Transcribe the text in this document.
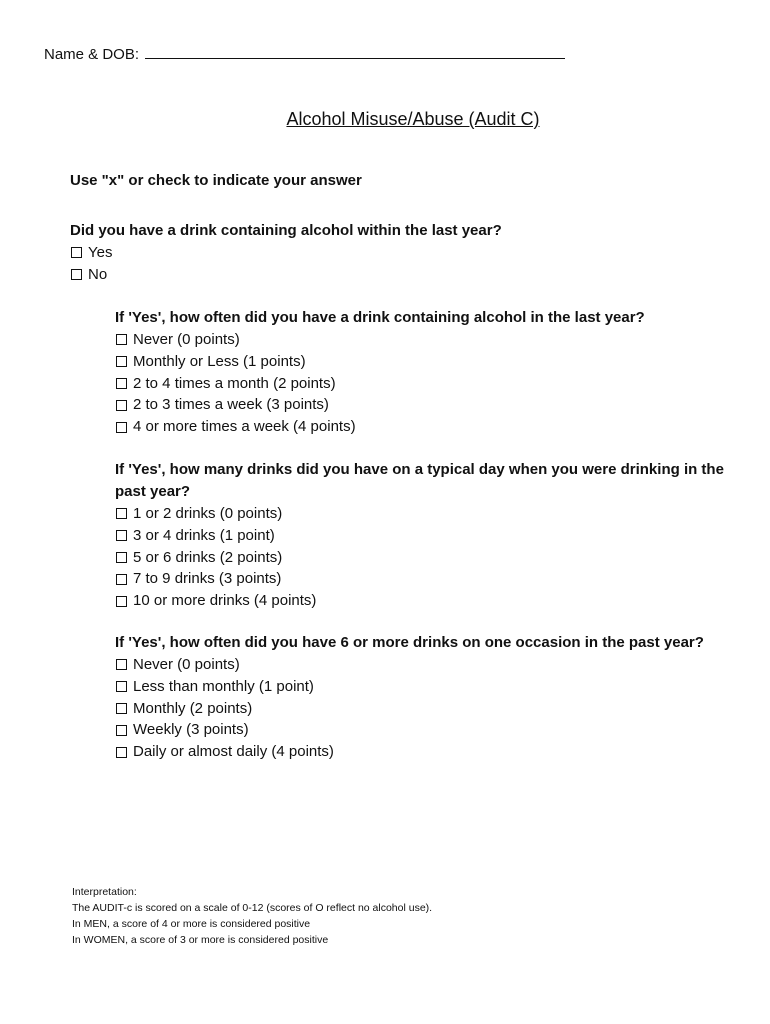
Name & DOB:
Alcohol Misuse/Abuse (Audit C)
Use "x" or check to indicate your answer

Did you have a drink containing alcohol within the last year?

Yes
No

If 'Yes', how often did you have a drink containing alcohol in the last year?

Never (0 points)
Monthly or Less (1 points)
2 to 4 times a month (2 points)
2 to 3 times a week (3 points)
4 or more times a week (4 points)

If 'Yes', how many drinks did you have on a typical day when you were drinking in the past year?

1 or 2 drinks (0 points)
3 or 4 drinks (1 point)
5 or 6 drinks (2 points)
7 to 9 drinks (3 points)
10 or more drinks (4 points)

If 'Yes', how often did you have 6 or more drinks on one occasion in the past year?

Never (0 points)
Less than monthly (1 point)
Monthly (2 points)
Weekly (3 points)
Daily or almost daily (4 points)
Interpretation:
The AUDIT-c is scored on a scale of 0-12 (scores of O reflect no alcohol use).
In MEN, a score of 4 or more is considered positive
In WOMEN, a score of 3 or more is considered positive
